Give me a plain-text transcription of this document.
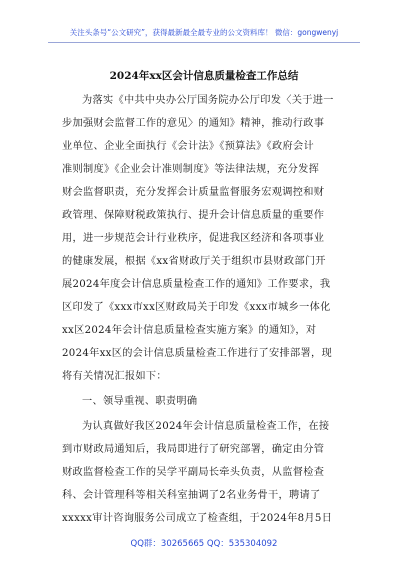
关注头条号“公文研究”，获得最新最全最专业的公文资料库！ 微信：gongwenyj
2024年xx区会计信息质量检查工作总结
为落实《中共中央办公厅国务院办公厅印发〈关于进一
步加强财会监督工作的意见〉的通知》精神，推动行政事
业单位、企业全面执行《会计法》《预算法》《政府会计
准则制度》《企业会计准则制度》等法律法规，充分发挥
财会监督职责，充分发挥会计质量监督服务宏观调控和财
政管理、保障财税政策执行、提升会计信息质量的重要作
用，进一步规范会计行业秩序，促进我区经济和各项事业
的健康发展，根据《xx省财政厅关于组织市县财政部门开
展2024年度会计信息质量检查工作的通知》工作要求，我
区印发了《xxx市xx区财政局关于印发《xxx市城乡一体化
xx区2024年会计信息质量检查实施方案》的通知》，对
2024年xx区的会计信息质量检查工作进行了安排部署，现
将有关情况汇报如下：
一、领导重视、职责明确
为认真做好我区2024年会计信息质量检查工作，在接
到市财政局通知后，我局即进行了研究部署，确定由分管
财政监督检查工作的吴学平副局长牵头负责，从监督检查
科、会计管理科等相关科室抽调了2名业务骨干，聘请了
xxxxx审计咨询服务公司成立了检查组，于2024年8月5日
QQ群：30265665 QQ：535304092
